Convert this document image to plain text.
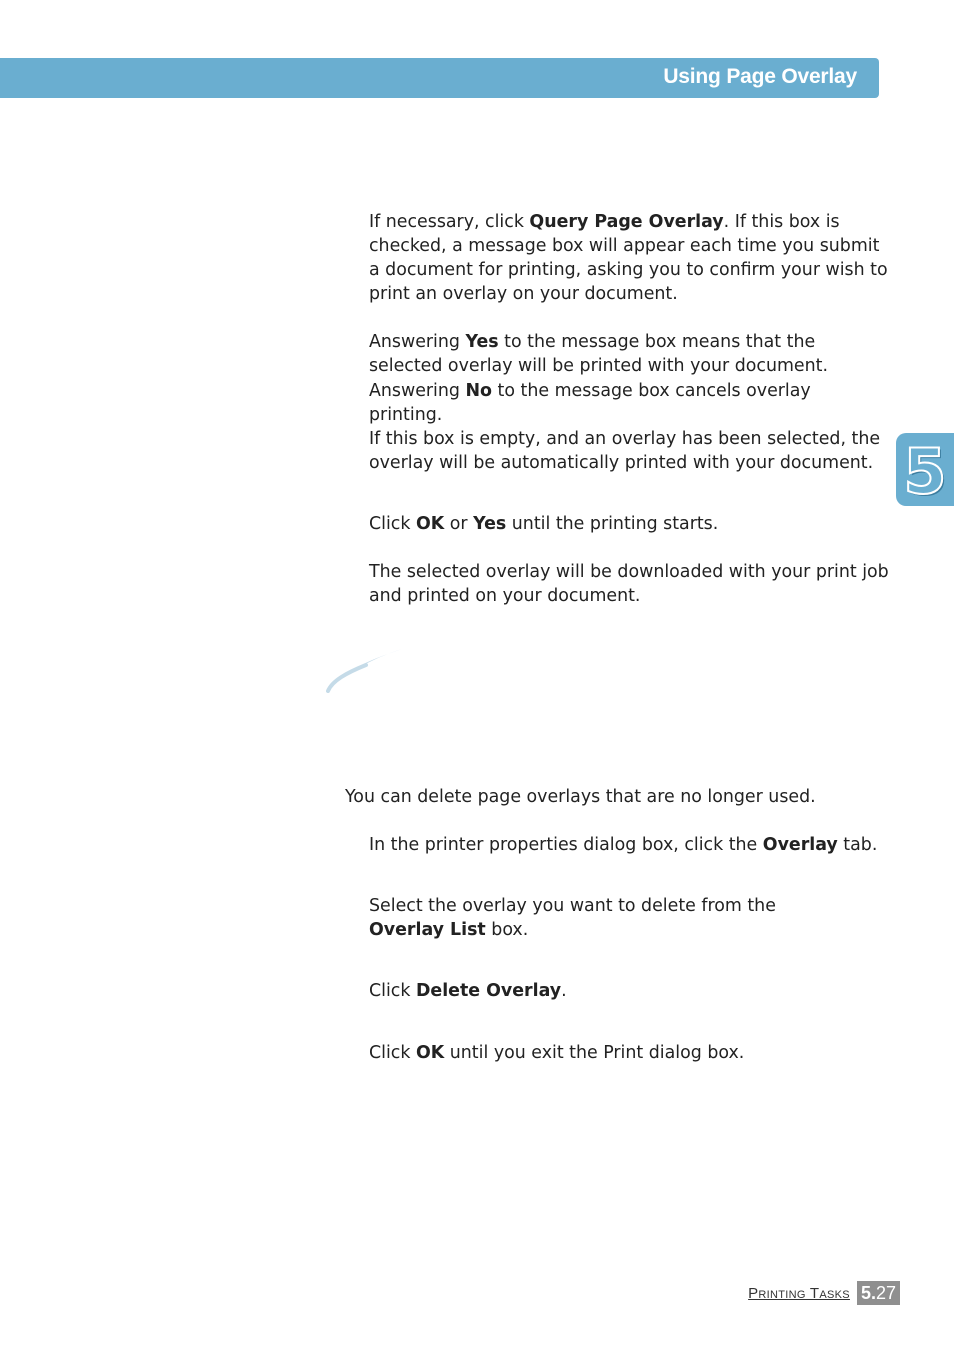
Using Page Overlay
5

If necessary, click Query Page Overlay. If this box is checked, a message box will appear each time you submit a document for printing, asking you to confirm your wish to print an overlay on your document.

Answering Yes to the message box means that the selected overlay will be printed with your document.

Answering No to the message box cancels overlay printing.

If this box is empty, and an overlay has been selected, the overlay will be automatically printed with your document.

Click OK or Yes until the printing starts.

The selected overlay will be downloaded with your print job and printed on your document.

You can delete page overlays that are no longer used.

In the printer properties dialog box, click the Overlay tab.

Select the overlay you want to delete from the Overlay List box.

Click Delete Overlay.

Click OK until you exit the Print dialog box.

Printing Tasks 5.27
